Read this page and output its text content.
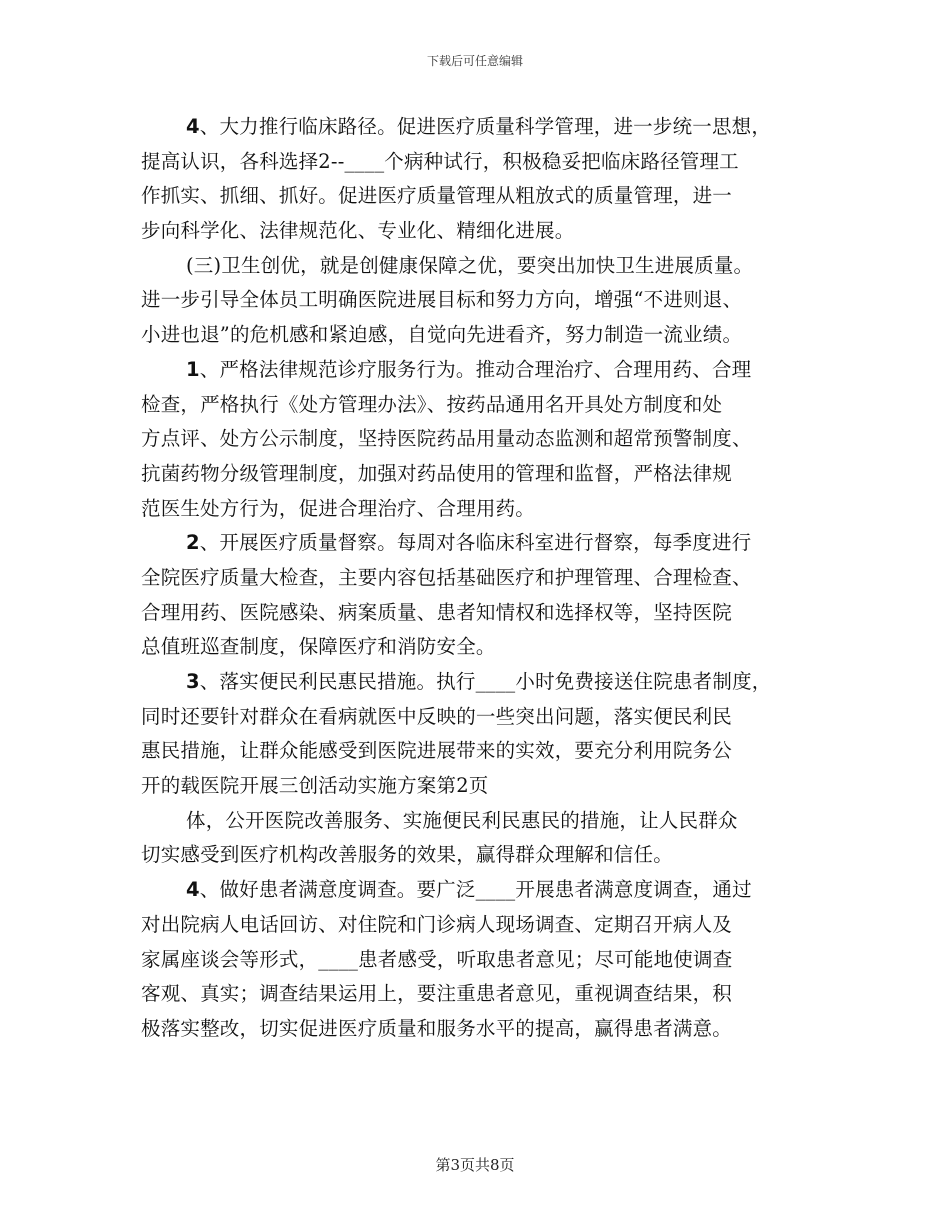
下载后可任意编辑
4、大力推行临床路径。促进医疗质量科学管理，进一步统一思想，
提高认识，各科选择2--____个病种试行，积极稳妥把临床路径管理工
作抓实、抓细、抓好。促进医疗质量管理从粗放式的质量管理，进一
步向科学化、法律规范化、专业化、精细化进展。
(三)卫生创优，就是创健康保障之优，要突出加快卫生进展质量。
进一步引导全体员工明确医院进展目标和努力方向，增强“不进则退、
小进也退”的危机感和紧迫感，自觉向先进看齐，努力制造一流业绩。
1、严格法律规范诊疗服务行为。推动合理治疗、合理用药、合理
检查，严格执行《处方管理办法》、按药品通用名开具处方制度和处
方点评、处方公示制度，坚持医院药品用量动态监测和超常预警制度、
抗菌药物分级管理制度，加强对药品使用的管理和监督，严格法律规
范医生处方行为，促进合理治疗、合理用药。
2、开展医疗质量督察。每周对各临床科室进行督察，每季度进行
全院医疗质量大检查，主要内容包括基础医疗和护理管理、合理检查、
合理用药、医院感染、病案质量、患者知情权和选择权等，坚持医院
总值班巡查制度，保障医疗和消防安全。
3、落实便民利民惠民措施。执行____小时免费接送住院患者制度，
同时还要针对群众在看病就医中反映的一些突出问题，落实便民利民
惠民措施，让群众能感受到医院进展带来的实效，要充分利用院务公
开的载医院开展三创活动实施方案第2页
体，公开医院改善服务、实施便民利民惠民的措施，让人民群众
切实感受到医疗机构改善服务的效果，赢得群众理解和信任。
4、做好患者满意度调查。要广泛____开展患者满意度调查，通过
对出院病人电话回访、对住院和门诊病人现场调查、定期召开病人及
家属座谈会等形式，____患者感受，听取患者意见；尽可能地使调查
客观、真实；调查结果运用上，要注重患者意见，重视调查结果，积
极落实整改，切实促进医疗质量和服务水平的提高，赢得患者满意。
第3页共8页
